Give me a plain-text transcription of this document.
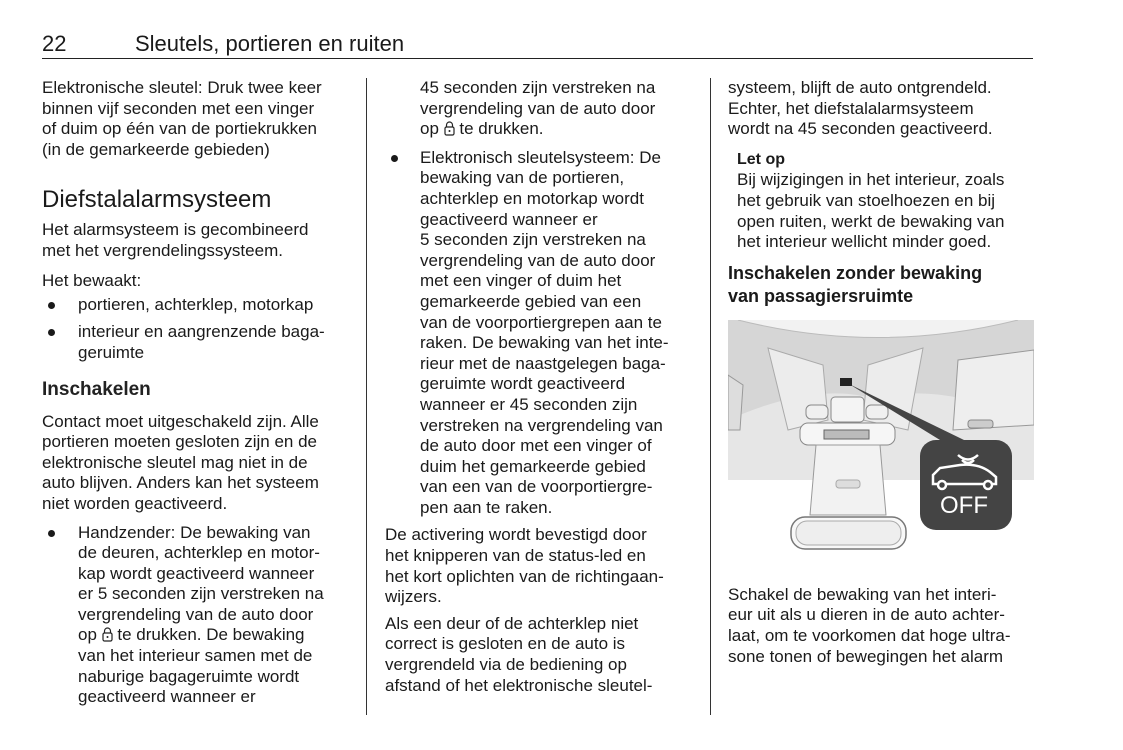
22	Sleutels, portieren en ruiten
Elektronische sleutel: Druk twee keer
binnen vijf seconden met een vinger
of duim op één van de portiekrukken
(in de gemarkeerde gebieden)
Diefstalalarmsysteem
Het alarmsysteem is gecombineerd
met het vergrendelingssysteem.
Het bewaakt:
portieren, achterklep, motorkap
interieur en aangrenzende baga-
geruimte
Inschakelen
Contact moet uitgeschakeld zijn. Alle
portieren moeten gesloten zijn en de
elektronische sleutel mag niet in de
auto blijven. Anders kan het systeem
niet worden geactiveerd.
Handzender: De bewaking van
de deuren, achterklep en motor-
kap wordt geactiveerd wanneer
er 5 seconden zijn verstreken na
vergrendeling van de auto door
op te drukken. De bewaking
van het interieur samen met de
naburige bagageruimte wordt
geactiveerd wanneer er
45 seconden zijn verstreken na
vergrendeling van de auto door
op te drukken.
Elektronisch sleutelsysteem: De
bewaking van de portieren,
achterklep en motorkap wordt
geactiveerd wanneer er
5 seconden zijn verstreken na
vergrendeling van de auto door
met een vinger of duim het
gemarkeerde gebied van een
van de voorportiergrepen aan te
raken. De bewaking van het inte-
rieur met de naastgelegen baga-
geruimte wordt geactiveerd
wanneer er 45 seconden zijn
verstreken na vergrendeling van
de auto door met een vinger of
duim het gemarkeerde gebied
van een van de voorportiergre-
pen aan te raken.
De activering wordt bevestigd door
het knipperen van de status-led en
het kort oplichten van de richtingaan-
wijzers.
Als een deur of de achterklep niet
correct is gesloten en de auto is
vergrendeld via de bediening op
afstand of het elektronische sleutel-
systeem, blijft de auto ontgrendeld.
Echter, het diefstalalarmsysteem
wordt na 45 seconden geactiveerd.
Let op
Bij wijzigingen in het interieur, zoals
het gebruik van stoelhoezen en bij
open ruiten, werkt de bewaking van
het interieur wellicht minder goed.
Inschakelen zonder bewaking
van passagiersruimte
OFF
Schakel de bewaking van het interi-
eur uit als u dieren in de auto achter-
laat, om te voorkomen dat hoge ultra-
sone tonen of bewegingen het alarm
